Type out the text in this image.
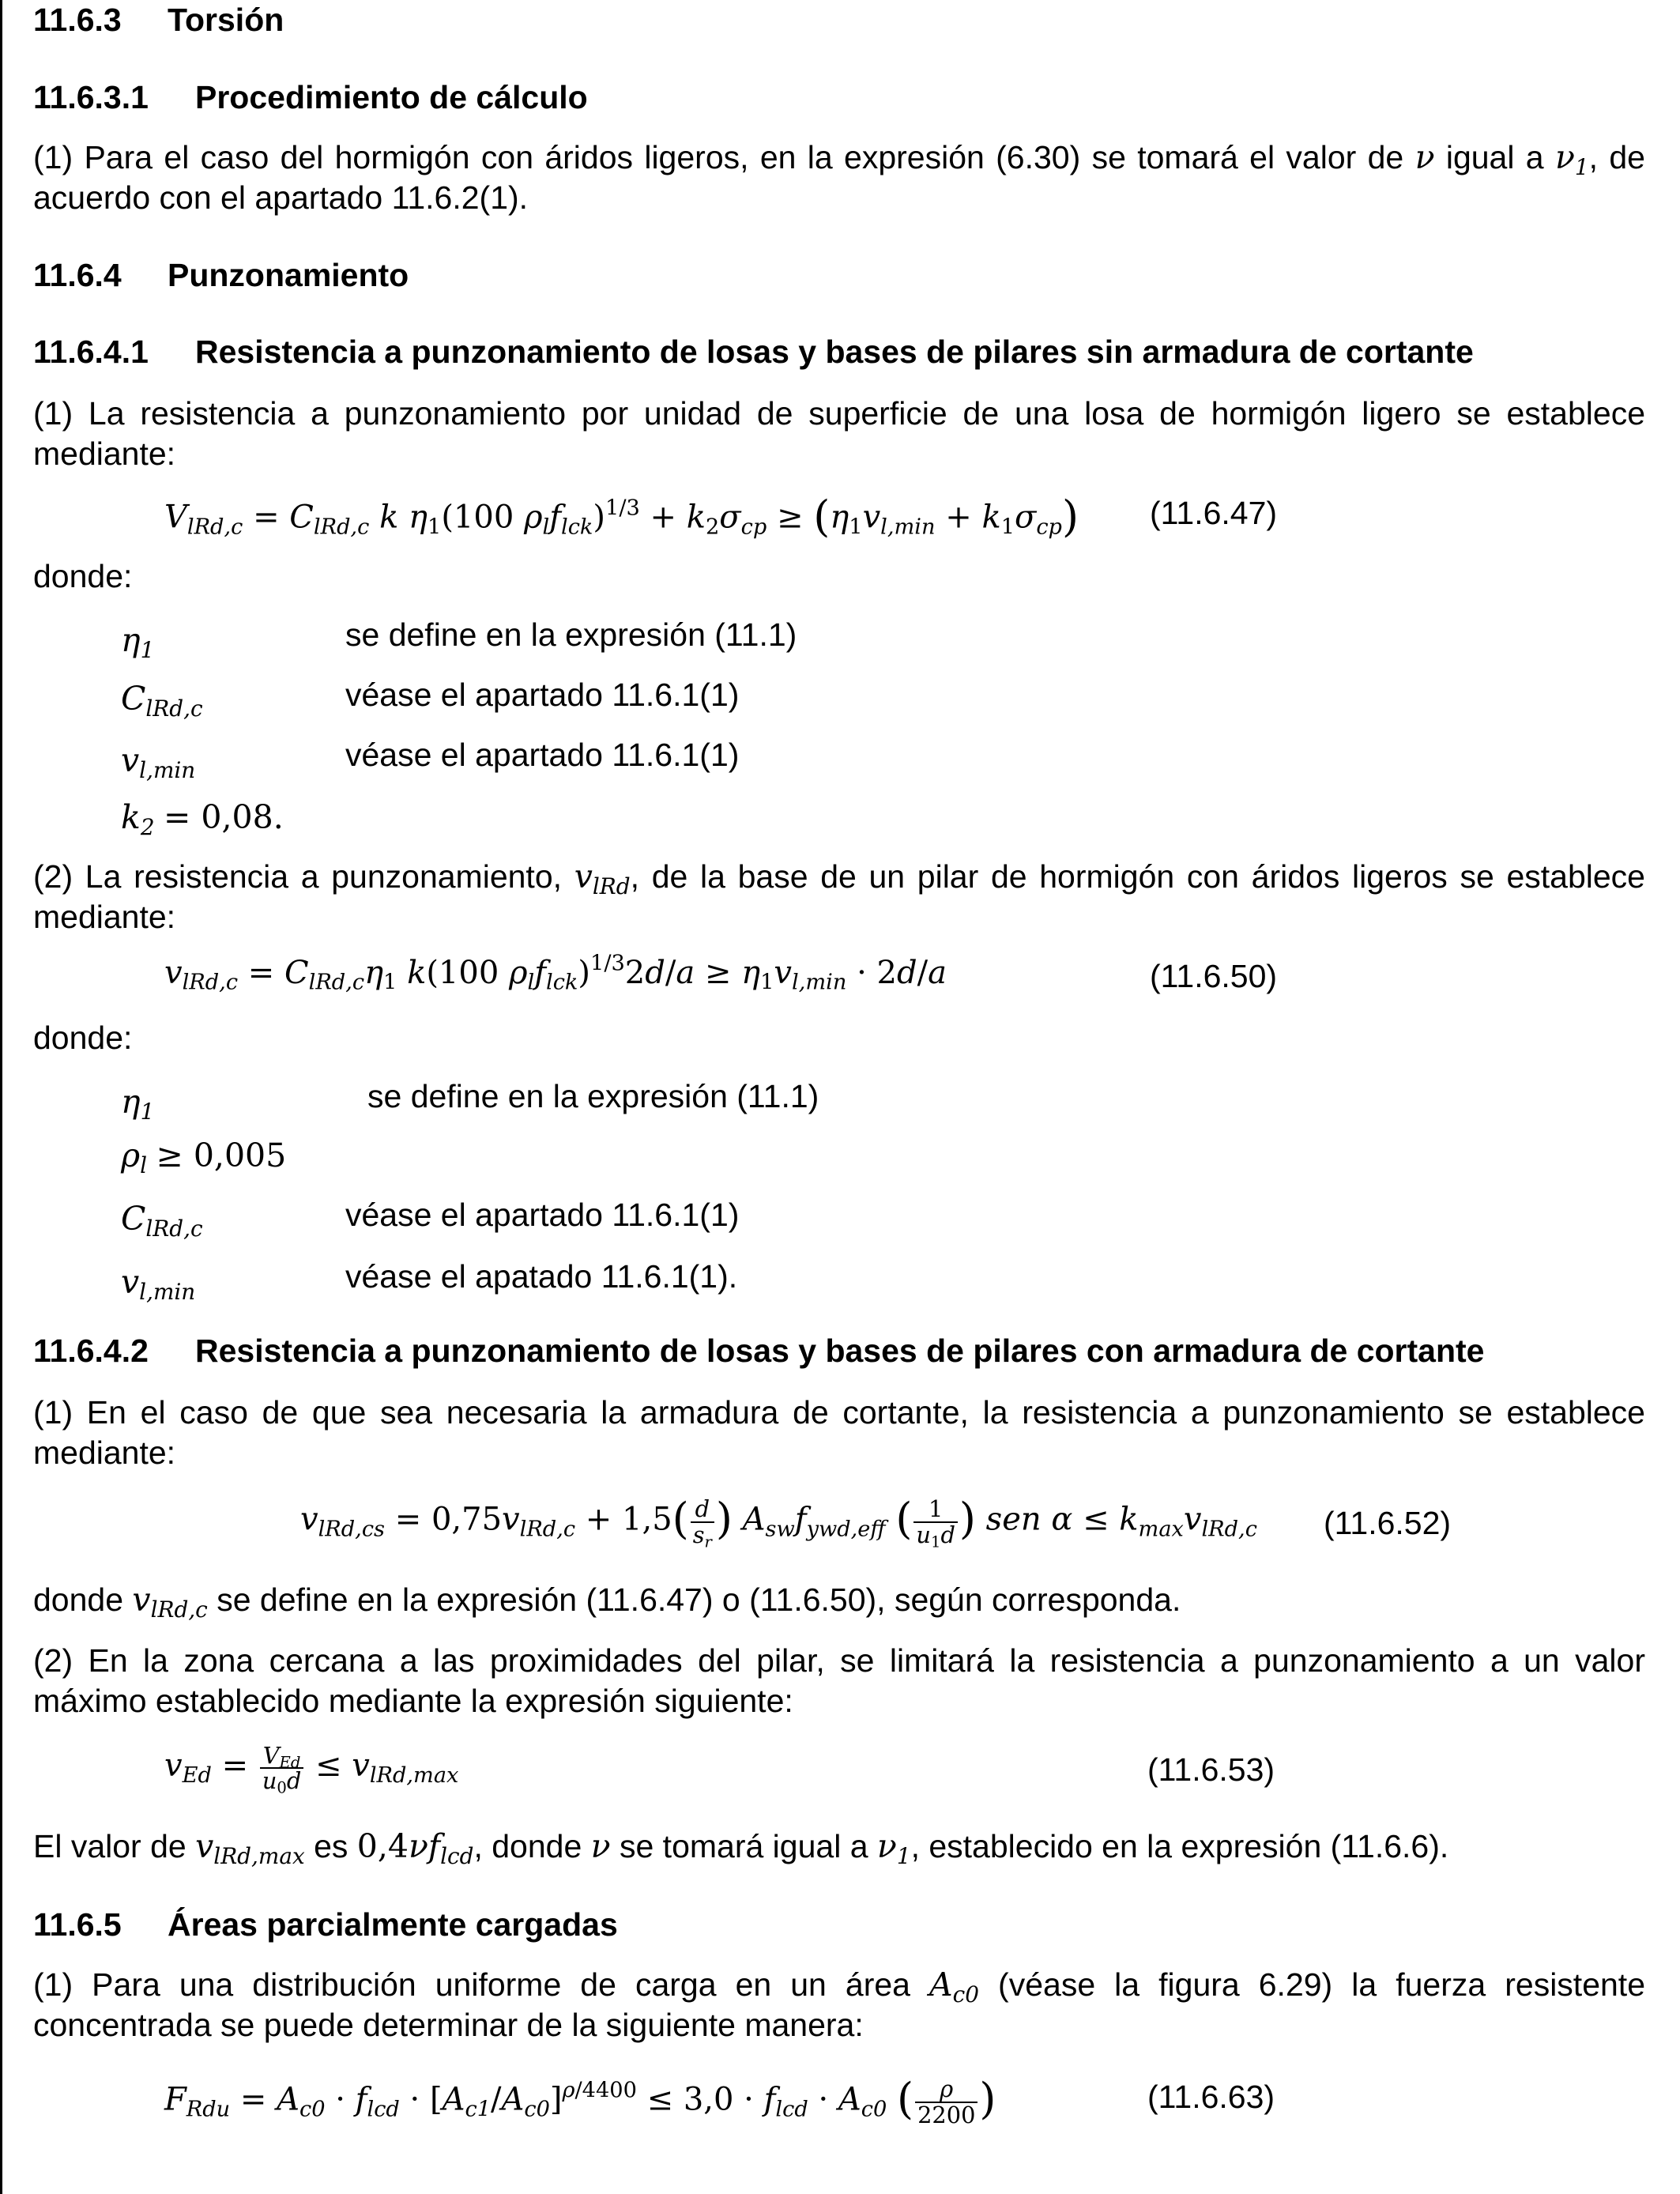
11.6.3 Torsión
11.6.3.1 Procedimiento de cálculo
(1) Para el caso del hormigón con áridos ligeros, en la expresión (6.30) se tomará el valor de ν igual a $\nu_1$, de acuerdo con el apartado 11.6.2(1).
11.6.4 Punzonamiento
11.6.4.1 Resistencia a punzonamiento de losas y bases de pilares sin armadura de cortante
(1) La resistencia a punzonamiento por unidad de superficie de una losa de hormigón ligero se establece mediante:
$V_{lRd,c} = C_{lRd,c}$ k $\eta_1(100$ $\rho_lf_{lck})^{1/3} + k_2\sigma_{cp} \ge (\eta_1v_{l,min} + k_1\sigma_{cp})$ (11.6.47)
donde:
$\eta_1$	se define en la expresión (11.1)
$C_{lRd,c}$	véase el apartado 11.6.1(1)
$v_{l,min}$	véase el apartado 11.6.1(1)
$k_2 = 0,08$.
(2) La resistencia a punzonamiento, $v_{lRd}$, de la base de un pilar de hormigón con áridos ligeros se establece mediante:
$v_{lRd,c} = C_{lRd,c}\eta_1$ k(100 $\rho_lf_{lck})^{1/3}2d/a \ge \eta_1v_{l,min} \cdot 2d/a$	(11.6.50)
donde:
$\eta_1$	se define en la expresión (11.1)
$\rho_l \ge 0,005$
$C_{lRd,c}$	véase el apartado 11.6.1(1)
$v_{l,min}$	véase el apatado 11.6.1(1).
11.6.4.2 Resistencia a punzonamiento de losas y bases de pilares con armadura de cortante
(1) En el caso de que sea necesaria la armadura de cortante, la resistencia a punzonamiento se establece mediante:
$v_{lRd,cs} = 0,75v_{lRd,c} + 1,5( \frac{d}{s_r}$ ) $A_{sw}f_{ywd,eff}$ ( $\frac{1}{u_1d}$ ) sen $\alpha \le k_{max}v_{lRd,c}$ (11.6.52)
donde $v_{lRd,c}$ se define en la expresión (11.6.47) o (11.6.50), según corresponda.
(2) En la zona cercana a las proximidades del pilar, se limitará la resistencia a punzonamiento a un valor máximo establecido mediante la expresión siguiente:
$v_{Ed} = \frac{V_{Ed}}{u_0d} \le v_{lRd,max}$	(11.6.53)
El valor de $v_{lRd,max}$ es $0,4\nu f_{lcd}$, donde ν se tomará igual a $\nu_1$, establecido en la expresión (11.6.6).
11.6.5 Áreas parcialmente cargadas
(1) Para una distribución uniforme de carga en un área $A_{c0}$ (véase la figura 6.29) la fuerza resistente concentrada se puede determinar de la siguiente manera:
$F_{Rdu} = A_{c0} \cdot f_{lcd} \cdot [A_{c1}/A_{c0}]^{\rho/4400} \le 3,0 \cdot f_{lcd} \cdot A_{c0}$ ( $\frac{\rho}{2200}$ )	(11.6.63)
